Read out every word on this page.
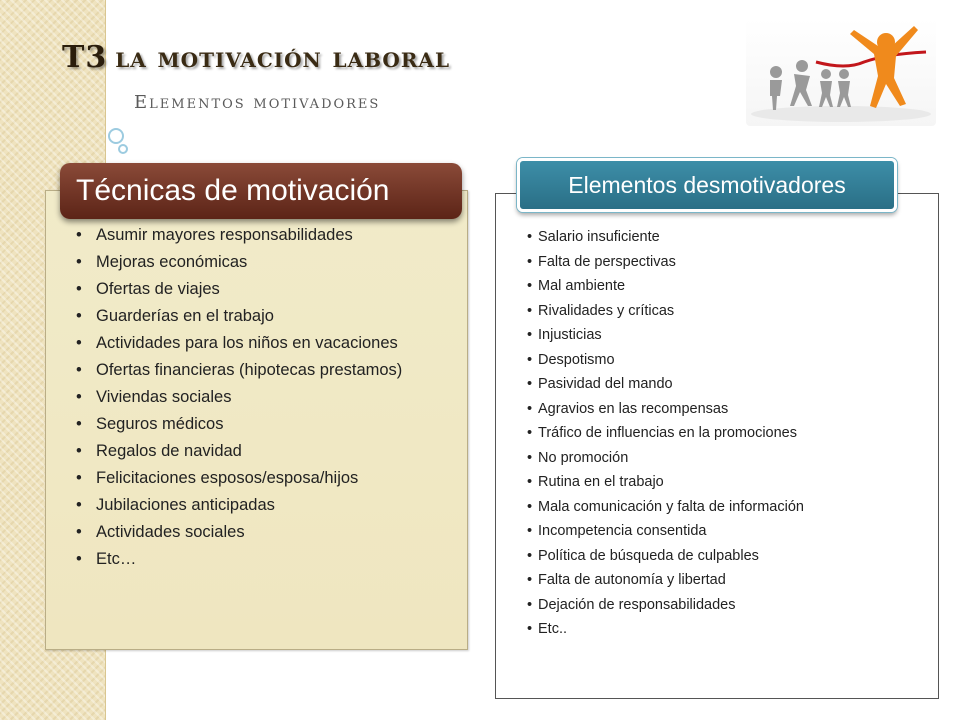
T3 la motivación laboral
Elementos motivadores
Técnicas de motivación
• Asumir mayores responsabilidades
• Mejoras económicas
• Ofertas de viajes
• Guarderías en el trabajo
• Actividades para los niños en vacaciones
• Ofertas financieras (hipotecas prestamos)
• Viviendas sociales
• Seguros médicos
• Regalos de navidad
• Felicitaciones esposos/esposa/hijos
• Jubilaciones anticipadas
• Actividades sociales
• Etc…
Elementos desmotivadores
• Salario insuficiente
• Falta de perspectivas
• Mal ambiente
• Rivalidades y críticas
• Injusticias
• Despotismo
• Pasividad del mando
• Agravios en las recompensas
• Tráfico de influencias en la promociones
• No promoción
• Rutina en el trabajo
• Mala comunicación y falta de información
• Incompetencia consentida
• Política de búsqueda de culpables
• Falta de autonomía y libertad
• Dejación de responsabilidades
• Etc..
